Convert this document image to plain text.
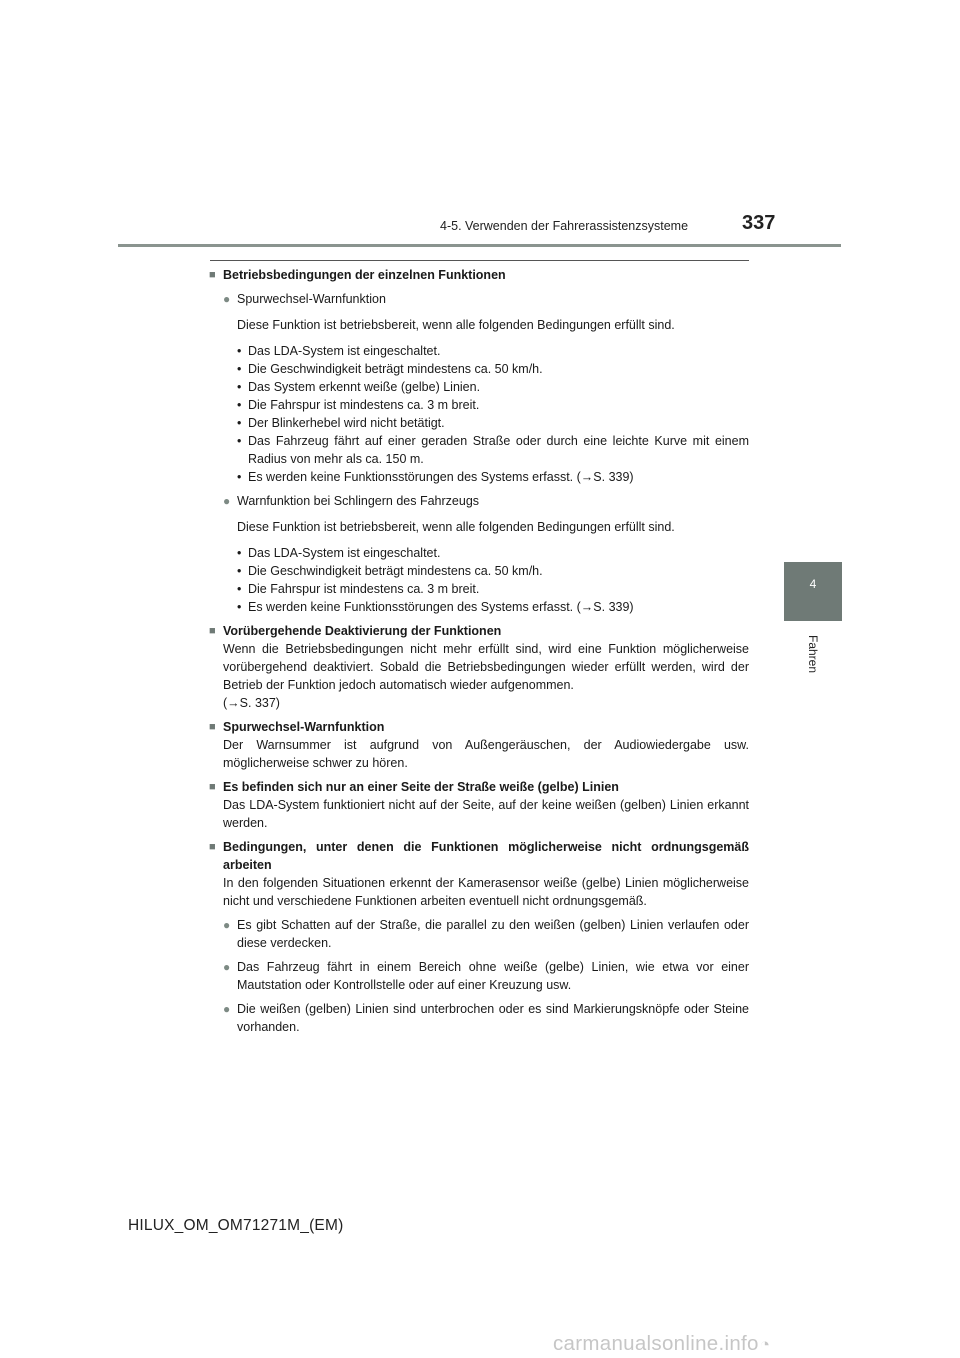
4-5. Verwenden der Fahrerassistenzsysteme	337
4
Fahren
■ Betriebsbedingungen der einzelnen Funktionen
● Spurwechsel-Warnfunktion
Diese Funktion ist betriebsbereit, wenn alle folgenden Bedingungen erfüllt sind.
• Das LDA-System ist eingeschaltet.
• Die Geschwindigkeit beträgt mindestens ca. 50 km/h.
• Das System erkennt weiße (gelbe) Linien.
• Die Fahrspur ist mindestens ca. 3 m breit.
• Der Blinkerhebel wird nicht betätigt.
• Das Fahrzeug fährt auf einer geraden Straße oder durch eine leichte Kurve mit einem Radius von mehr als ca. 150 m.
• Es werden keine Funktionsstörungen des Systems erfasst. (→S. 339)
● Warnfunktion bei Schlingern des Fahrzeugs
Diese Funktion ist betriebsbereit, wenn alle folgenden Bedingungen erfüllt sind.
• Das LDA-System ist eingeschaltet.
• Die Geschwindigkeit beträgt mindestens ca. 50 km/h.
• Die Fahrspur ist mindestens ca. 3 m breit.
• Es werden keine Funktionsstörungen des Systems erfasst. (→S. 339)
■ Vorübergehende Deaktivierung der Funktionen
Wenn die Betriebsbedingungen nicht mehr erfüllt sind, wird eine Funktion möglicherweise vorübergehend deaktiviert. Sobald die Betriebsbedingungen wieder erfüllt werden, wird der Betrieb der Funktion jedoch automatisch wieder aufgenommen.
(→S. 337)
■ Spurwechsel-Warnfunktion
Der Warnsummer ist aufgrund von Außengeräuschen, der Audiowiedergabe usw. möglicherweise schwer zu hören.
■ Es befinden sich nur an einer Seite der Straße weiße (gelbe) Linien
Das LDA-System funktioniert nicht auf der Seite, auf der keine weißen (gelben) Linien erkannt werden.
■ Bedingungen, unter denen die Funktionen möglicherweise nicht ordnungsgemäß arbeiten
In den folgenden Situationen erkennt der Kamerasensor weiße (gelbe) Linien möglicherweise nicht und verschiedene Funktionen arbeiten eventuell nicht ordnungsgemäß.
● Es gibt Schatten auf der Straße, die parallel zu den weißen (gelben) Linien verlaufen oder diese verdecken.
● Das Fahrzeug fährt in einem Bereich ohne weiße (gelbe) Linien, wie etwa vor einer Mautstation oder Kontrollstelle oder auf einer Kreuzung usw.
● Die weißen (gelben) Linien sind unterbrochen oder es sind Markierungsknöpfe oder Steine vorhanden.
HILUX_OM_OM71271M_(EM)
carmanualsonline.info◔
